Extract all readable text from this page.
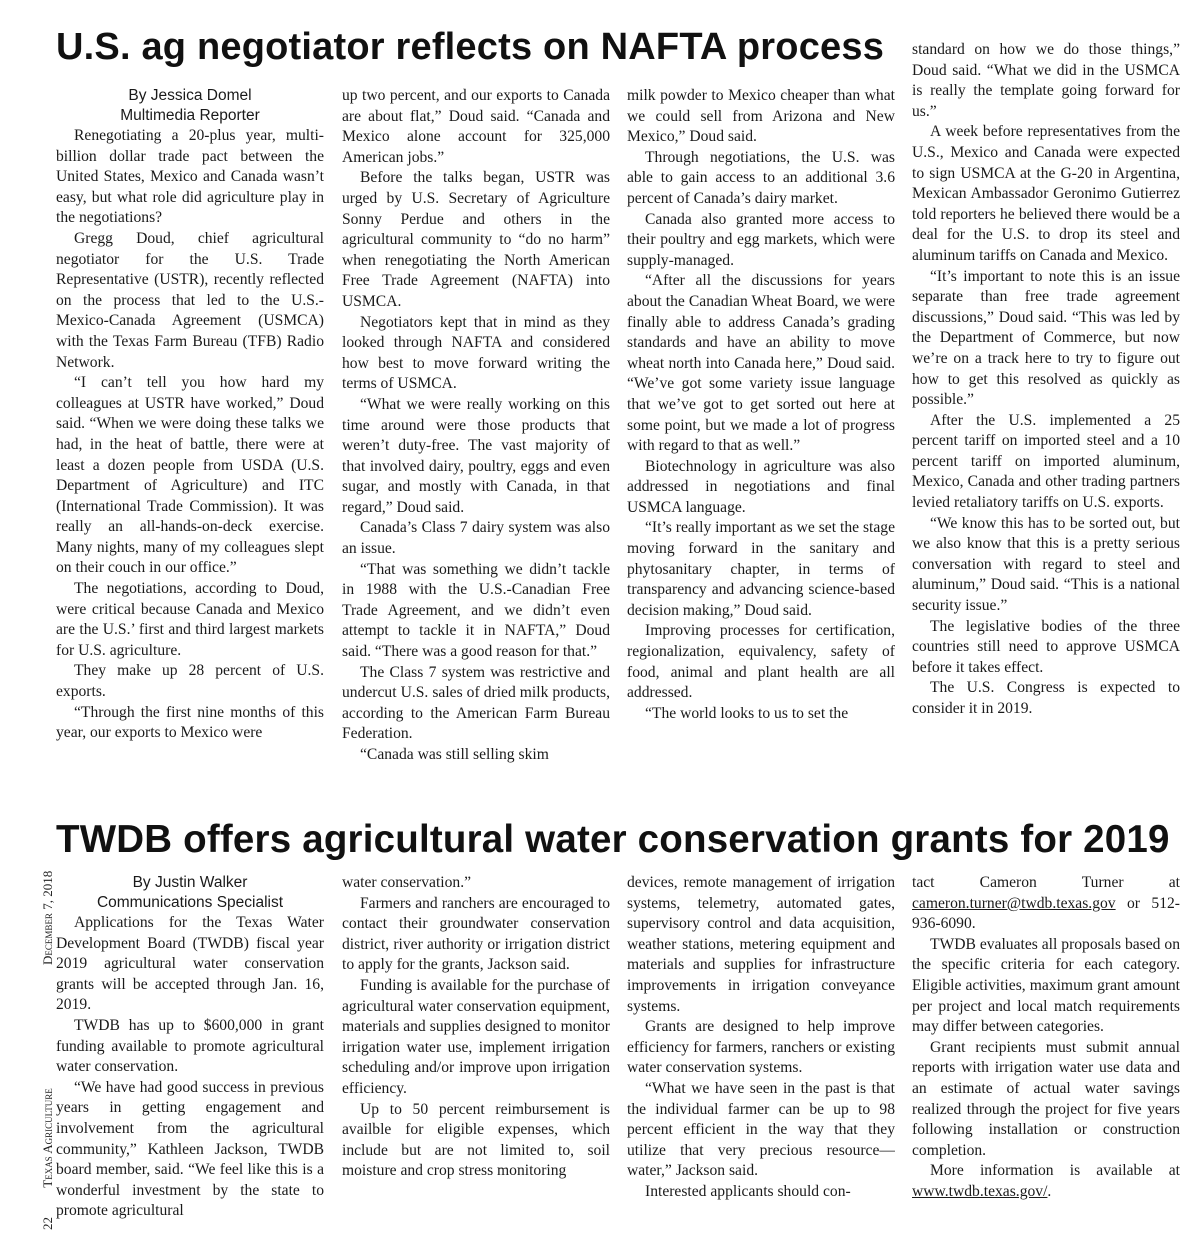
U.S. ag negotiator reflects on NAFTA process
By Jessica Domel
Multimedia Reporter

Renegotiating a 20-plus year, multi-billion dollar trade pact between the United States, Mexico and Canada wasn’t easy, but what role did agriculture play in the negotiations?

Gregg Doud, chief agricultural negotiator for the U.S. Trade Representative (USTR), recently reflected on the process that led to the U.S.-Mexico-Canada Agreement (USMCA) with the Texas Farm Bureau (TFB) Radio Network.

“I can’t tell you how hard my colleagues at USTR have worked,” Doud said. “When we were doing these talks we had, in the heat of battle, there were at least a dozen people from USDA (U.S. Department of Agriculture) and ITC (International Trade Commission). It was really an all-hands-on-deck exercise. Many nights, many of my colleagues slept on their couch in our office.”

The negotiations, according to Doud, were critical because Canada and Mexico are the U.S.’ first and third largest markets for U.S. agriculture.

They make up 28 percent of U.S. exports.

“Through the first nine months of this year, our exports to Mexico were

up two percent, and our exports to Canada are about flat,” Doud said. “Canada and Mexico alone account for 325,000 American jobs.”

Before the talks began, USTR was urged by U.S. Secretary of Agriculture Sonny Perdue and others in the agricultural community to “do no harm” when renegotiating the North American Free Trade Agreement (NAFTA) into USMCA.

Negotiators kept that in mind as they looked through NAFTA and considered how best to move forward writing the terms of USMCA.

“What we were really working on this time around were those products that weren’t duty-free. The vast majority of that involved dairy, poultry, eggs and even sugar, and mostly with Canada, in that regard,” Doud said.

Canada’s Class 7 dairy system was also an issue.

“That was something we didn’t tackle in 1988 with the U.S.-Canadian Free Trade Agreement, and we didn’t even attempt to tackle it in NAFTA,” Doud said. “There was a good reason for that.”

The Class 7 system was restrictive and undercut U.S. sales of dried milk products, according to the American Farm Bureau Federation.

“Canada was still selling skim

milk powder to Mexico cheaper than what we could sell from Arizona and New Mexico,” Doud said.

Through negotiations, the U.S. was able to gain access to an additional 3.6 percent of Canada’s dairy market.

Canada also granted more access to their poultry and egg markets, which were supply-managed.

“After all the discussions for years about the Canadian Wheat Board, we were finally able to address Canada’s grading standards and have an ability to move wheat north into Canada here,” Doud said. “We’ve got some variety issue language that we’ve got to get sorted out here at some point, but we made a lot of progress with regard to that as well.”

Biotechnology in agriculture was also addressed in negotiations and final USMCA language.

“It’s really important as we set the stage moving forward in the sanitary and phytosanitary chapter, in terms of transparency and advancing science-based decision making,” Doud said.

Improving processes for certification, regionalization, equivalency, safety of food, animal and plant health are all addressed.

“The world looks to us to set the

standard on how we do those things,” Doud said. “What we did in the USMCA is really the template going forward for us.”

A week before representatives from the U.S., Mexico and Canada were expected to sign USMCA at the G-20 in Argentina, Mexican Ambassador Geronimo Gutierrez told reporters he believed there would be a deal for the U.S. to drop its steel and aluminum tariffs on Canada and Mexico.

“It’s important to note this is an issue separate than free trade agreement discussions,” Doud said. “This was led by the Department of Commerce, but now we’re on a track here to try to figure out how to get this resolved as quickly as possible.”

After the U.S. implemented a 25 percent tariff on imported steel and a 10 percent tariff on imported aluminum, Mexico, Canada and other trading partners levied retaliatory tariffs on U.S. exports.

“We know this has to be sorted out, but we also know that this is a pretty serious conversation with regard to steel and aluminum,” Doud said. “This is a national security issue.”

The legislative bodies of the three countries still need to approve USMCA before it takes effect.

The U.S. Congress is expected to consider it in 2019.

TWDB offers agricultural water conservation grants for 2019
By Justin Walker
Communications Specialist

Applications for the Texas Water Development Board (TWDB) fiscal year 2019 agricultural water conservation grants will be accepted through Jan. 16, 2019.

TWDB has up to $600,000 in grant funding available to promote agricultural water conservation.

“We have had good success in previous years in getting engagement and involvement from the agricultural community,” Kathleen Jackson, TWDB board member, said. “We feel like this is a wonderful investment by the state to promote agricultural

water conservation.”

Farmers and ranchers are encouraged to contact their groundwater conservation district, river authority or irrigation district to apply for the grants, Jackson said.

Funding is available for the purchase of agricultural water conservation equipment, materials and supplies designed to monitor irrigation water use, implement irrigation scheduling and/or improve upon irrigation efficiency.

Up to 50 percent reimbursement is availble for eligible expenses, which include but are not limited to, soil moisture and crop stress monitoring

devices, remote management of irrigation systems, telemetry, automated gates, supervisory control and data acquisition, weather stations, metering equipment and materials and supplies for infrastructure improvements in irrigation conveyance systems.

Grants are designed to help improve efficiency for farmers, ranchers or existing water conservation systems.

“What we have seen in the past is that the individual farmer can be up to 98 percent efficient in the way that they utilize that very precious resource—water,” Jackson said.

Interested applicants should con-

tact Cameron Turner at cameron.turner@twdb.texas.gov or 512-936-6090.

TWDB evaluates all proposals based on the specific criteria for each category. Eligible activities, maximum grant amount per project and local match requirements may differ between categories.

Grant recipients must submit annual reports with irrigation water use data and an estimate of actual water savings realized through the project for five years following installation or construction completion.

More information is available at www.twdb.texas.gov/.

22 Texas Agriculture December 7, 2018
